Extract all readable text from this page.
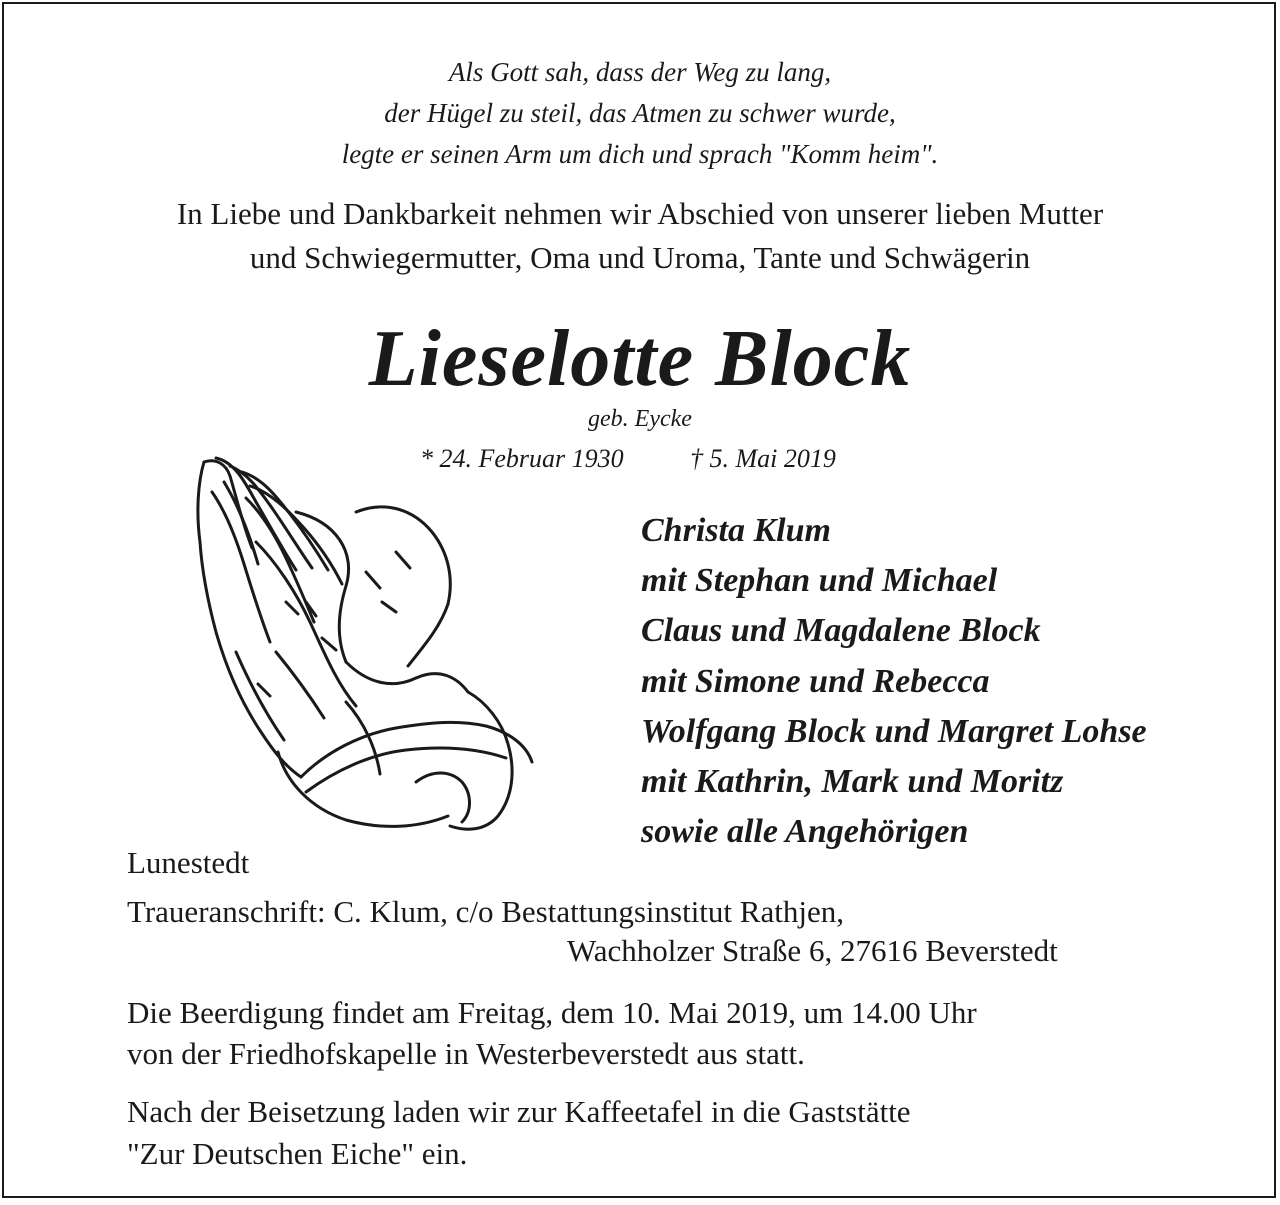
Als Gott sah, dass der Weg zu lang,
der Hügel zu steil, das Atmen zu schwer wurde,
legte er seinen Arm um dich und sprach "Komm heim".
In Liebe und Dankbarkeit nehmen wir Abschied von unserer lieben Mutter
und Schwiegermutter, Oma und Uroma, Tante und Schwägerin
Lieselotte Block
geb. Eycke
* 24. Februar 1930	† 5. Mai 2019
Christa Klum
mit Stephan und Michael
Claus und Magdalene Block
mit Simone und Rebecca
Wolfgang Block und Margret Lohse
mit Kathrin, Mark und Moritz
sowie alle Angehörigen
Lunestedt
Traueranschrift: C. Klum, c/o Bestattungsinstitut Rathjen,
Wachholzer Straße 6, 27616 Beverstedt
Die Beerdigung findet am Freitag, dem 10. Mai 2019, um 14.00 Uhr
von der Friedhofskapelle in Westerbeverstedt aus statt.
Nach der Beisetzung laden wir zur Kaffeetafel in die Gaststätte
"Zur Deutschen Eiche" ein.
